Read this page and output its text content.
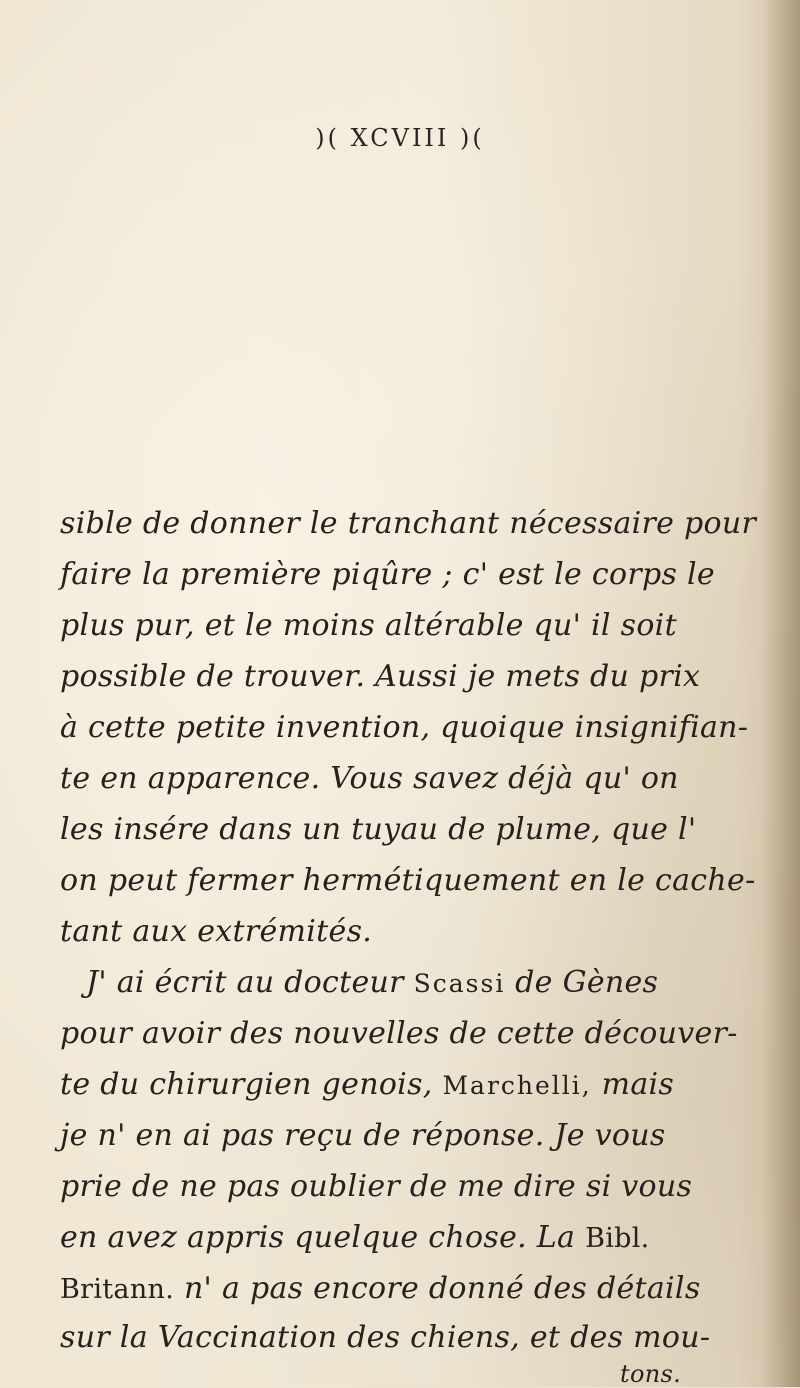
)( XCVIII )(

sible de donner le tranchant nécessaire pour

faire la première piqûre ; c' est le corps le

plus pur, et le moins altérable qu' il soit

possible de trouver. Aussi je mets du prix

à cette petite invention, quoique insignifian-

te en apparence. Vous savez déjà qu' on

les insére dans un tuyau de plume, que l'

on peut fermer hermétiquement en le cache-

tant aux extrémités.

J' ai écrit au docteur Scassi de Gènes

pour avoir des nouvelles de cette découver-

te du chirurgien genois, Marchelli, mais

je n' en ai pas reçu de réponse. Je vous

prie de ne pas oublier de me dire si vous

en avez appris quelque chose. La Bibl.

Britann. n' a pas encore donné des détails

sur la Vaccination des chiens, et des mou-

tons.
